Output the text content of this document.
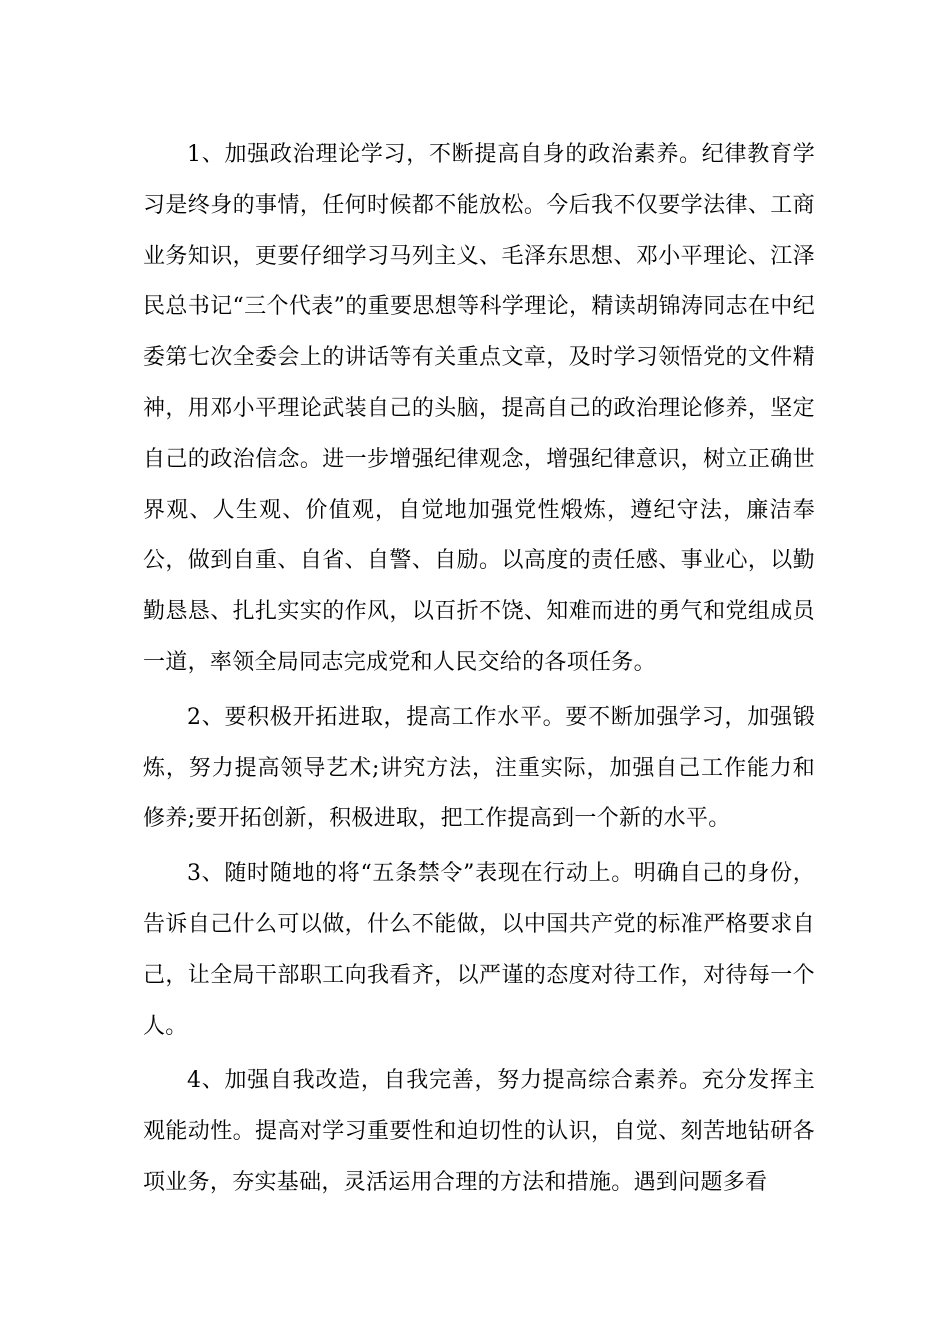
1、加强政治理论学习，不断提高自身的政治素养。纪律教育学习是终身的事情，任何时候都不能放松。今后我不仅要学法律、工商业务知识，更要仔细学习马列主义、毛泽东思想、邓小平理论、江泽民总书记“三个代表”的重要思想等科学理论，精读胡锦涛同志在中纪委第七次全委会上的讲话等有关重点文章，及时学习领悟党的文件精神，用邓小平理论武装自己的头脑，提高自己的政治理论修养，坚定自己的政治信念。进一步增强纪律观念，增强纪律意识，树立正确世界观、人生观、价值观，自觉地加强党性煅炼，遵纪守法，廉洁奉公，做到自重、自省、自警、自励。以高度的责任感、事业心，以勤勤恳恳、扎扎实实的作风，以百折不饶、知难而进的勇气和党组成员一道，率领全局同志完成党和人民交给的各项任务。

2、要积极开拓进取，提高工作水平。要不断加强学习，加强锻炼，努力提高领导艺术;讲究方法，注重实际，加强自己工作能力和修养;要开拓创新，积极进取，把工作提高到一个新的水平。

3、随时随地的将“五条禁令”表现在行动上。明确自己的身份，告诉自己什么可以做，什么不能做，以中国共产党的标准严格要求自己，让全局干部职工向我看齐，以严谨的态度对待工作，对待每一个人。

4、加强自我改造，自我完善，努力提高综合素养。充分发挥主观能动性。提高对学习重要性和迫切性的认识，自觉、刻苦地钻研各项业务，夯实基础，灵活运用合理的方法和措施。遇到问题多看
